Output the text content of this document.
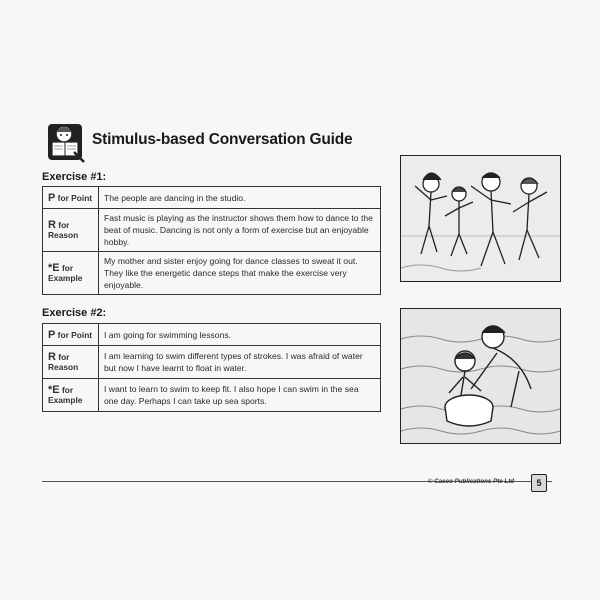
Stimulus-based Conversation Guide
Exercise #1:
P for Point	The people are dancing in the studio.
R for Reason	Fast music is playing as the instructor shows them how to dance to the beat of music. Dancing is not only a form of exercise but an enjoyable hobby.
*E for Example	My mother and sister enjoy going for dance classes to sweat it out. They like the energetic dance steps that make the exercise very enjoyable.
Exercise #2:
P for Point	I am going for swimming lessons.
R for Reason	I am learning to swim different types of strokes. I was afraid of water but now I have learnt to float in water.
*E for Example	I want to learn to swim to keep fit. I also hope I can swim in the sea one day. Perhaps I can take up sea sports.
© Casco Publications Pte Ltd	5
